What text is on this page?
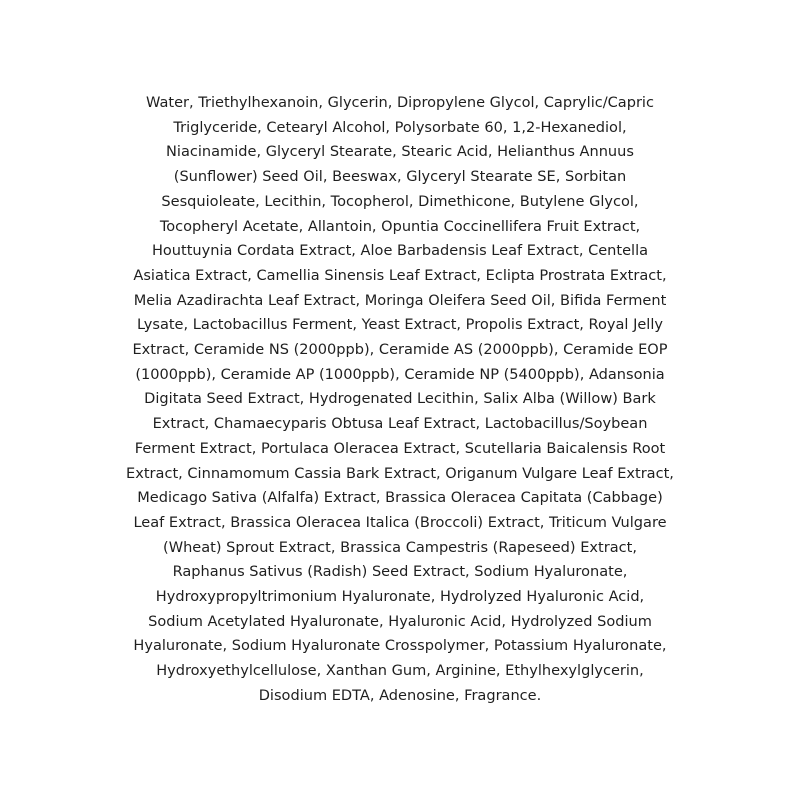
Water, Triethylhexanoin, Glycerin, Dipropylene Glycol, Caprylic/Capric
Triglyceride, Cetearyl Alcohol, Polysorbate 60, 1,2-Hexanediol,
Niacinamide, Glyceryl Stearate, Stearic Acid, Helianthus Annuus
(Sunflower) Seed Oil, Beeswax, Glyceryl Stearate SE, Sorbitan
Sesquioleate, Lecithin, Tocopherol, Dimethicone, Butylene Glycol,
Tocopheryl Acetate, Allantoin, Opuntia Coccinellifera Fruit Extract,
Houttuynia Cordata Extract, Aloe Barbadensis Leaf Extract, Centella
Asiatica Extract, Camellia Sinensis Leaf Extract, Eclipta Prostrata Extract,
Melia Azadirachta Leaf Extract, Moringa Oleifera Seed Oil, Bifida Ferment
Lysate, Lactobacillus Ferment, Yeast Extract, Propolis Extract, Royal Jelly
Extract, Ceramide NS (2000ppb), Ceramide AS (2000ppb), Ceramide EOP
(1000ppb), Ceramide AP (1000ppb), Ceramide NP (5400ppb), Adansonia
Digitata Seed Extract, Hydrogenated Lecithin, Salix Alba (Willow) Bark
Extract, Chamaecyparis Obtusa Leaf Extract, Lactobacillus/Soybean
Ferment Extract, Portulaca Oleracea Extract, Scutellaria Baicalensis Root
Extract, Cinnamomum Cassia Bark Extract, Origanum Vulgare Leaf Extract,
Medicago Sativa (Alfalfa) Extract, Brassica Oleracea Capitata (Cabbage)
Leaf Extract, Brassica Oleracea Italica (Broccoli) Extract, Triticum Vulgare
(Wheat) Sprout Extract, Brassica Campestris (Rapeseed) Extract,
Raphanus Sativus (Radish) Seed Extract, Sodium Hyaluronate,
Hydroxypropyltrimonium Hyaluronate, Hydrolyzed Hyaluronic Acid,
Sodium Acetylated Hyaluronate, Hyaluronic Acid, Hydrolyzed Sodium
Hyaluronate, Sodium Hyaluronate Crosspolymer, Potassium Hyaluronate,
Hydroxyethylcellulose, Xanthan Gum, Arginine, Ethylhexylglycerin,
Disodium EDTA, Adenosine, Fragrance.
